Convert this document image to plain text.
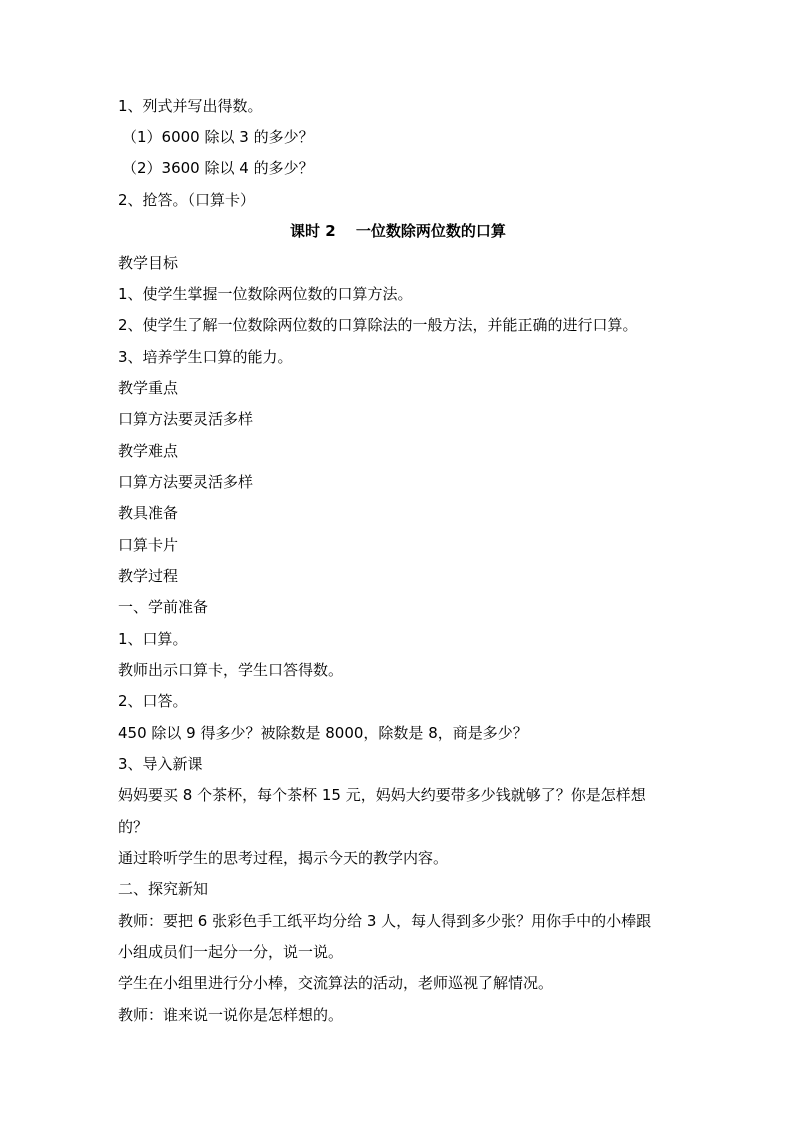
1、列式并写出得数。
（1）6000 除以 3 的多少？
（2）3600 除以 4 的多少？
2、抢答。（口算卡）
课时 2　 一位数除两位数的口算
教学目标
1、使学生掌握一位数除两位数的口算方法。
2、使学生了解一位数除两位数的口算除法的一般方法，并能正确的进行口算。
3、培养学生口算的能力。
教学重点
口算方法要灵活多样
教学难点
口算方法要灵活多样
教具准备
口算卡片
教学过程
一、学前准备
1、口算。
教师出示口算卡，学生口答得数。
2、口答。
450 除以 9 得多少？被除数是 8000，除数是 8，商是多少？
3、导入新课
妈妈要买 8 个茶杯，每个茶杯 15 元，妈妈大约要带多少钱就够了？你是怎样想
的？
通过聆听学生的思考过程，揭示今天的教学内容。
二、探究新知
教师：要把 6 张彩色手工纸平均分给 3 人，每人得到多少张？用你手中的小棒跟
小组成员们一起分一分，说一说。
学生在小组里进行分小棒，交流算法的活动，老师巡视了解情况。
教师：谁来说一说你是怎样想的。
